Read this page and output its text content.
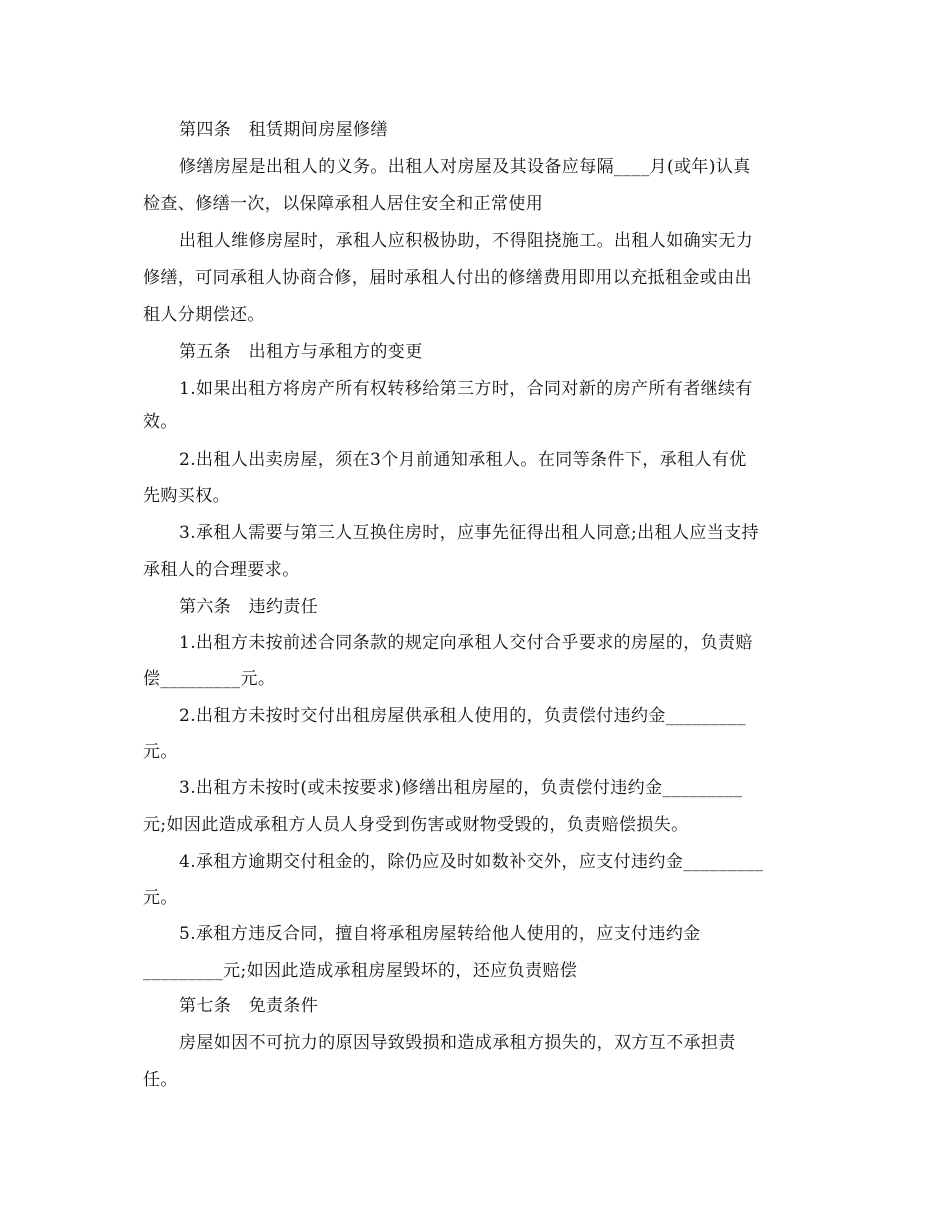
第四条　租赁期间房屋修缮
修缮房屋是出租人的义务。出租人对房屋及其设备应每隔____月(或年)认真
检查、修缮一次，以保障承租人居住安全和正常使用
出租人维修房屋时，承租人应积极协助，不得阻挠施工。出租人如确实无力
修缮，可同承租人协商合修，届时承租人付出的修缮费用即用以充抵租金或由出
租人分期偿还。
第五条　出租方与承租方的变更
1.如果出租方将房产所有权转移给第三方时，合同对新的房产所有者继续有
效。
2.出租人出卖房屋，须在3个月前通知承租人。在同等条件下，承租人有优
先购买权。
3.承租人需要与第三人互换住房时，应事先征得出租人同意;出租人应当支持
承租人的合理要求。
第六条　违约责任
1.出租方未按前述合同条款的规定向承租人交付合乎要求的房屋的，负责赔
偿_________元。
2.出租方未按时交付出租房屋供承租人使用的，负责偿付违约金_________
元。
3.出租方未按时(或未按要求)修缮出租房屋的，负责偿付违约金_________
元;如因此造成承租方人员人身受到伤害或财物受毁的，负责赔偿损失。
4.承租方逾期交付租金的，除仍应及时如数补交外，应支付违约金_________
元。
5.承租方违反合同，擅自将承租房屋转给他人使用的，应支付违约金
_________元;如因此造成承租房屋毁坏的，还应负责赔偿
第七条　免责条件
房屋如因不可抗力的原因导致毁损和造成承租方损失的，双方互不承担责
任。
